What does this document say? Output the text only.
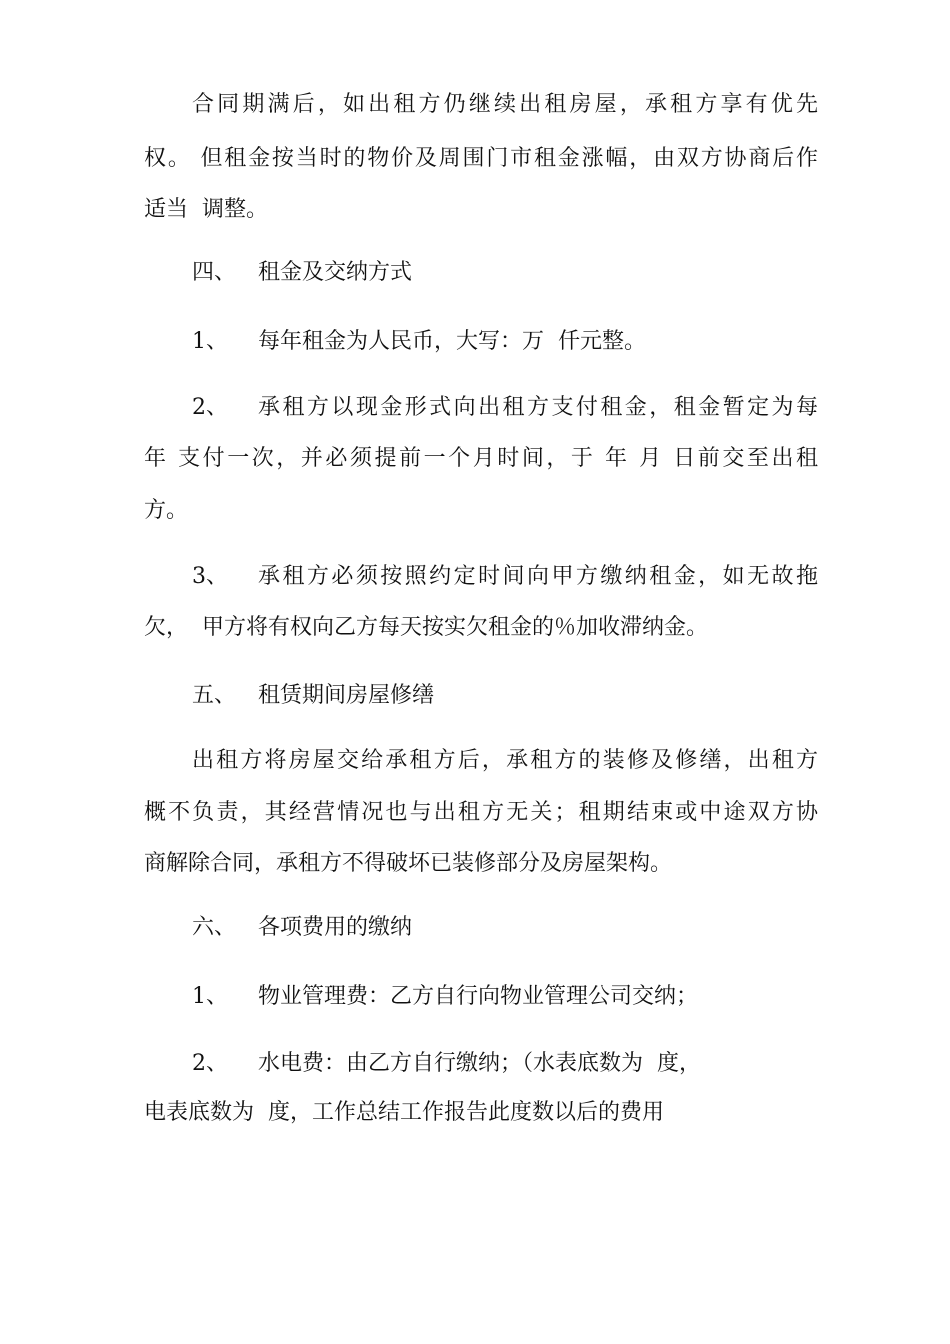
合同期满后，如出租方仍继续出租房屋，承租方享有优先
权。 但租金按当时的物价及周围门市租金涨幅，由双方协商后作
适当  调整。
四、 租金及交纳方式
1、 每年租金为人民币，大写：万  仟元整。
2、 承租方以现金形式向出租方支付租金，租金暂定为每
年 支付一次，并必须提前一个月时间，于 年 月 日前交至出租
方。
3、 承租方必须按照约定时间向甲方缴纳租金，如无故拖
欠，  甲方将有权向乙方每天按实欠租金的％加收滞纳金。
五、 租赁期间房屋修缮
出租方将房屋交给承租方后，承租方的装修及修缮，出租方
概不负责，其经营情况也与出租方无关；租期结束或中途双方协
商解除合同，承租方不得破坏已装修部分及房屋架构。
六、 各项费用的缴纳
1、 物业管理费：乙方自行向物业管理公司交纳；
2、 水电费：由乙方自行缴纳；（水表底数为  度，
电表底数为  度，工作总结工作报告此度数以后的费用
